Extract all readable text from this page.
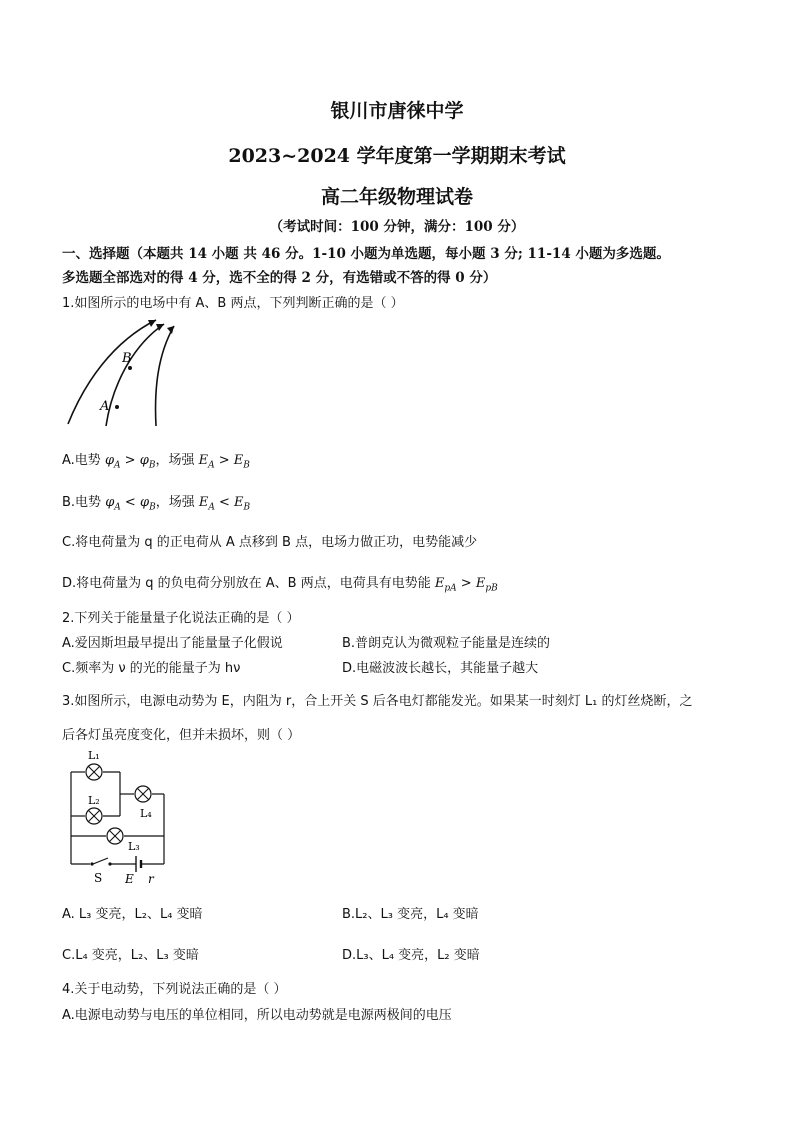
银川市唐徕中学
2023~2024 学年度第一学期期末考试
高二年级物理试卷
（考试时间：100 分钟，满分：100 分）
一、选择题（本题共 14 小题 共 46 分。1-10 小题为单选题，每小题 3 分; 11-14 小题为多选题。
多选题全部选对的得 4 分，选不全的得 2 分，有选错或不答的得 0 分）
1.如图所示的电场中有 A、B 两点，下列判断正确的是（ ）
A
B
A.电势 $\varphi_A > \varphi_B$，场强 $E_A > E_B$
B.电势 $\varphi_A < \varphi_B$，场强 $E_A < E_B$
C.将电荷量为 q 的正电荷从 A 点移到 B 点，电场力做正功，电势能减少
D.将电荷量为 q 的负电荷分别放在 A、B 两点，电荷具有电势能 $E_{pA} > E_{pB}$
2.下列关于能量量子化说法正确的是（ ）
A.爱因斯坦最早提出了能量量子化假说	B.普朗克认为微观粒子能量是连续的
C.频率为 ν 的光的能量子为 hν	D.电磁波波长越长，其能量子越大
3.如图所示，电源电动势为 E，内阻为 r，合上开关 S 后各电灯都能发光。如果某一时刻灯 L₁ 的灯丝烧断，之
后各灯虽亮度变化，但并未损坏，则（ ）
L₁
L₂
L₄
L₃
S E r
A. L₃ 变亮，L₂、L₄ 变暗	B.L₂、L₃ 变亮，L₄ 变暗
C.L₄ 变亮，L₂、L₃ 变暗	D.L₃、L₄ 变亮，L₂ 变暗
4.关于电动势，下列说法正确的是（ ）
A.电源电动势与电压的单位相同，所以电动势就是电源两极间的电压
